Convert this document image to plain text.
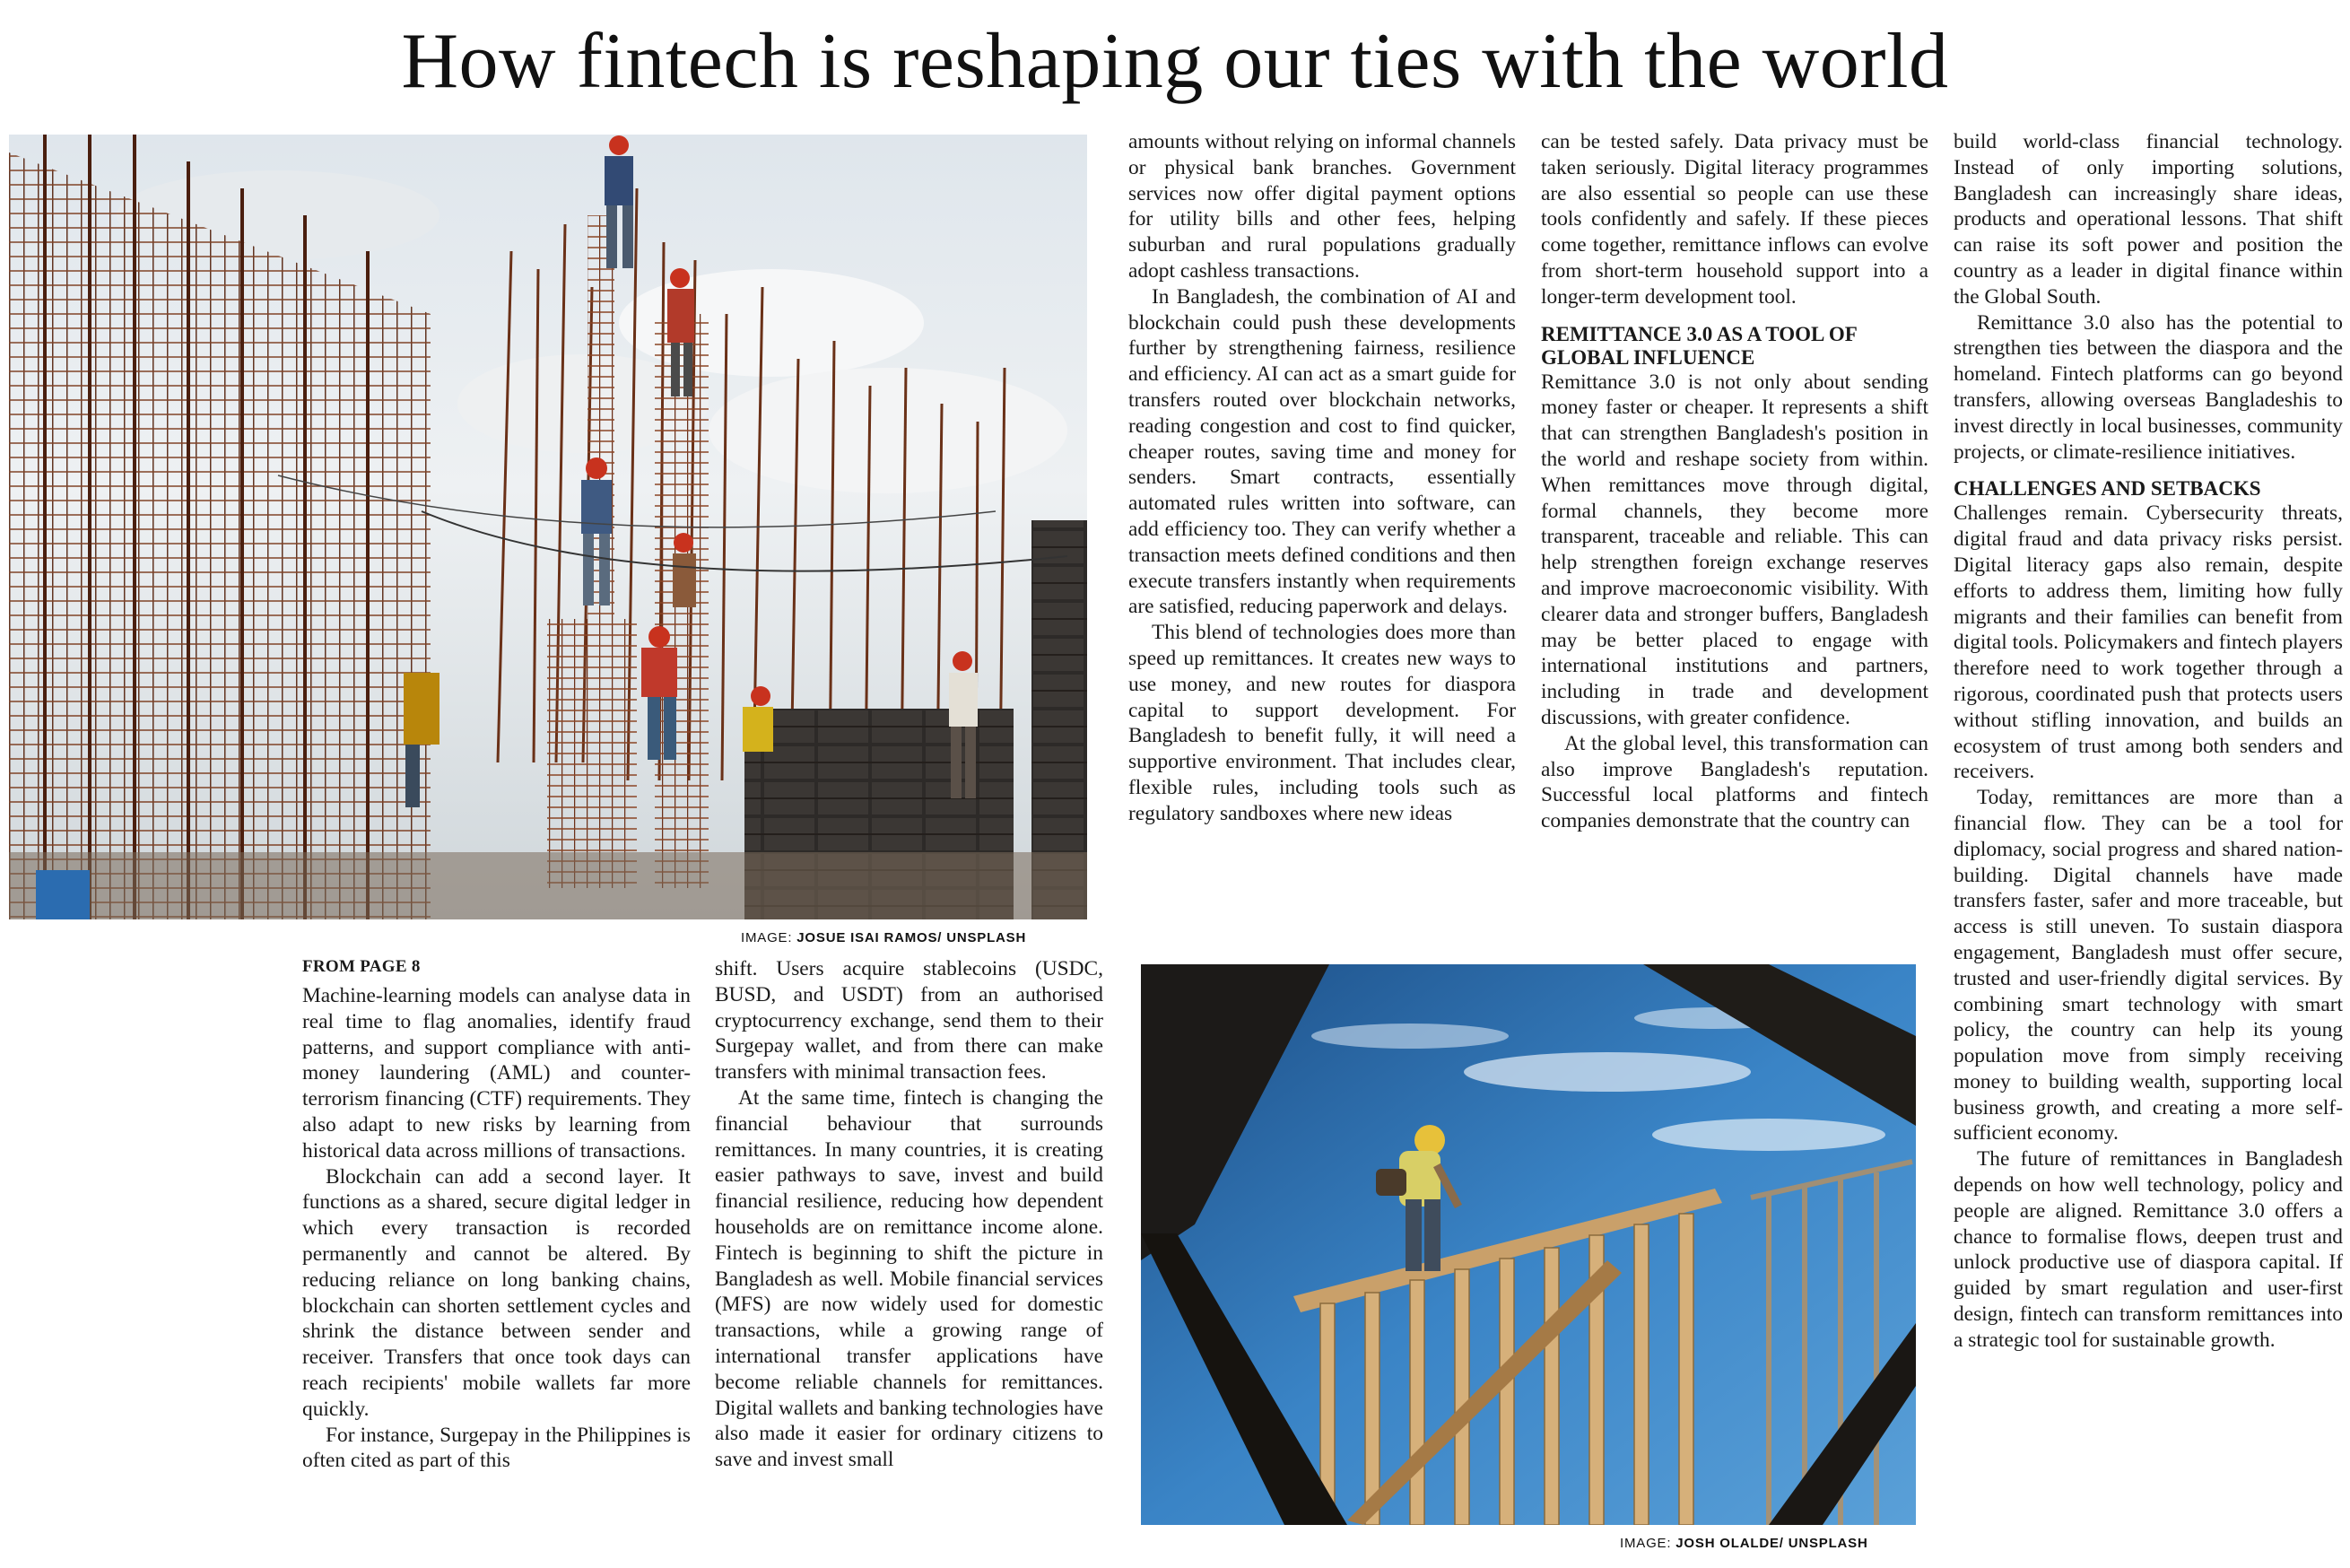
How fintech is reshaping our ties with the world
IMAGE: JOSUE ISAI RAMOS/ UNSPLASH
IMAGE: JOSH OLALDE/ UNSPLASH
FROM PAGE 8

Machine-learning models can analyse data in real time to flag anomalies, identify fraud patterns, and support compliance with anti-money laundering (AML) and counter-terrorism financing (CTF) requirements. They also adapt to new risks by learning from historical data across millions of transactions.

Blockchain can add a second layer. It functions as a shared, secure digital ledger in which every transaction is recorded permanently and cannot be altered. By reducing reliance on long banking chains, blockchain can shorten settlement cycles and shrink the distance between sender and receiver. Transfers that once took days can reach recipients' mobile wallets far more quickly.

For instance, Surgepay in the Philippines is often cited as part of this

shift. Users acquire stablecoins (USDC, BUSD, and USDT) from an authorised cryptocurrency exchange, send them to their Surgepay wallet, and from there can make transfers with minimal transaction fees.

At the same time, fintech is changing the financial behaviour that surrounds remittances. In many countries, it is creating easier pathways to save, invest and build financial resilience, reducing how dependent households are on remittance income alone. Fintech is beginning to shift the picture in Bangladesh as well. Mobile financial services (MFS) are now widely used for domestic transactions, while a growing range of international transfer applications have become reliable channels for remittances. Digital wallets and banking technologies have also made it easier for ordinary citizens to save and invest small

amounts without relying on informal channels or physical bank branches. Government services now offer digital payment options for utility bills and other fees, helping suburban and rural populations gradually adopt cashless transactions.

In Bangladesh, the combination of AI and blockchain could push these developments further by strengthening fairness, resilience and efficiency. AI can act as a smart guide for transfers routed over blockchain networks, reading congestion and cost to find quicker, cheaper routes, saving time and money for senders. Smart contracts, essentially automated rules written into software, can add efficiency too. They can verify whether a transaction meets defined conditions and then execute transfers instantly when requirements are satisfied, reducing paperwork and delays.

This blend of technologies does more than speed up remittances. It creates new ways to use money, and new routes for diaspora capital to support development. For Bangladesh to benefit fully, it will need a supportive environment. That includes clear, flexible rules, including tools such as regulatory sandboxes where new ideas

can be tested safely. Data privacy must be taken seriously. Digital literacy programmes are also essential so people can use these tools confidently and safely. If these pieces come together, remittance inflows can evolve from short-term household support into a longer-term development tool.

REMITTANCE 3.0 AS A TOOL OF GLOBAL INFLUENCE

Remittance 3.0 is not only about sending money faster or cheaper. It represents a shift that can strengthen Bangladesh's position in the world and reshape society from within. When remittances move through digital, formal channels, they become more transparent, traceable and reliable. This can help strengthen foreign exchange reserves and improve macroeconomic visibility. With clearer data and stronger buffers, Bangladesh may be better placed to engage with international institutions and partners, including in trade and development discussions, with greater confidence.

At the global level, this transformation can also improve Bangladesh's reputation. Successful local platforms and fintech companies demonstrate that the country can

build world-class financial technology. Instead of only importing solutions, Bangladesh can increasingly share ideas, products and operational lessons. That shift can raise its soft power and position the country as a leader in digital finance within the Global South.

Remittance 3.0 also has the potential to strengthen ties between the diaspora and the homeland. Fintech platforms can go beyond transfers, allowing overseas Bangladeshis to invest directly in local businesses, community projects, or climate-resilience initiatives.

CHALLENGES AND SETBACKS

Challenges remain. Cybersecurity threats, digital fraud and data privacy risks persist. Digital literacy gaps also remain, despite efforts to address them, limiting how fully migrants and their families can benefit from digital tools. Policymakers and fintech players therefore need to work together through a rigorous, coordinated push that protects users without stifling innovation, and builds an ecosystem of trust among both senders and receivers.

Today, remittances are more than a financial flow. They can be a tool for diplomacy, social progress and shared nation-building. Digital channels have made transfers faster, safer and more traceable, but access is still uneven. To sustain diaspora engagement, Bangladesh must offer secure, trusted and user-friendly digital services. By combining smart technology with smart policy, the country can help its young population move from simply receiving money to building wealth, supporting local business growth, and creating a more self-sufficient economy.

The future of remittances in Bangladesh depends on how well technology, policy and people are aligned. Remittance 3.0 offers a chance to formalise flows, deepen trust and unlock productive use of diaspora capital. If guided by smart regulation and user-first design, fintech can transform remittances into a strategic tool for sustainable growth.
